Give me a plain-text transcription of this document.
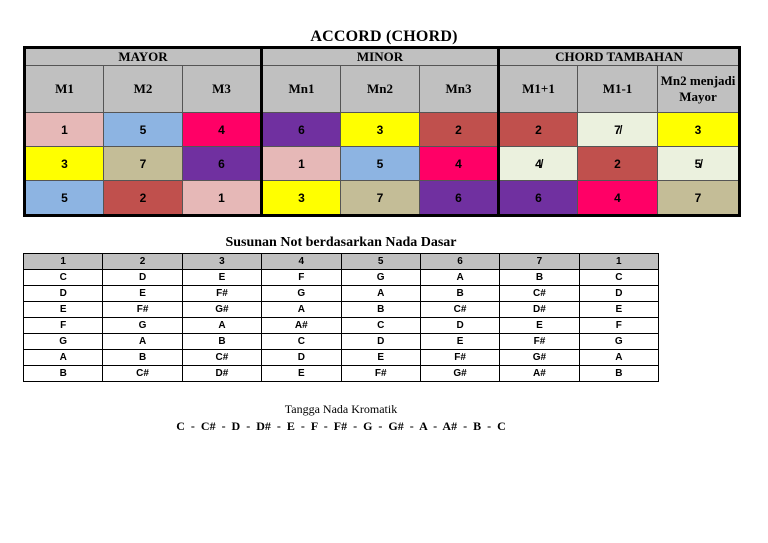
ACCORD (CHORD)
MAYOR			MINOR			CHORD TAMBAHAN		
M1	M2	M3	Mn1	Mn2	Mn3	M1+1	M1-1	Mn2 menjadi Mayor
1	5	4	6	3	2	2	7̸	3
3	7	6	1	5	4	4̸	2	5̸
5	2	1	3	7	6	6	4	7
Susunan Not berdasarkan Nada Dasar
1	2	3	4	5	6	7	1
C	D	E	F	G	A	B	C
D	E	F#	G	A	B	C#	D
E	F#	G#	A	B	C#	D#	E
F	G	A	A#	C	D	E	F
G	A	B	C	D	E	F#	G
A	B	C#	D	E	F#	G#	A
B	C#	D#	E	F#	G#	A#	B
Tangga Nada Kromatik
C  -  C#  -  D  -  D#  -  E  -  F  -  F#  -  G  -  G#  -  A  -  A#  -  B  -  C
